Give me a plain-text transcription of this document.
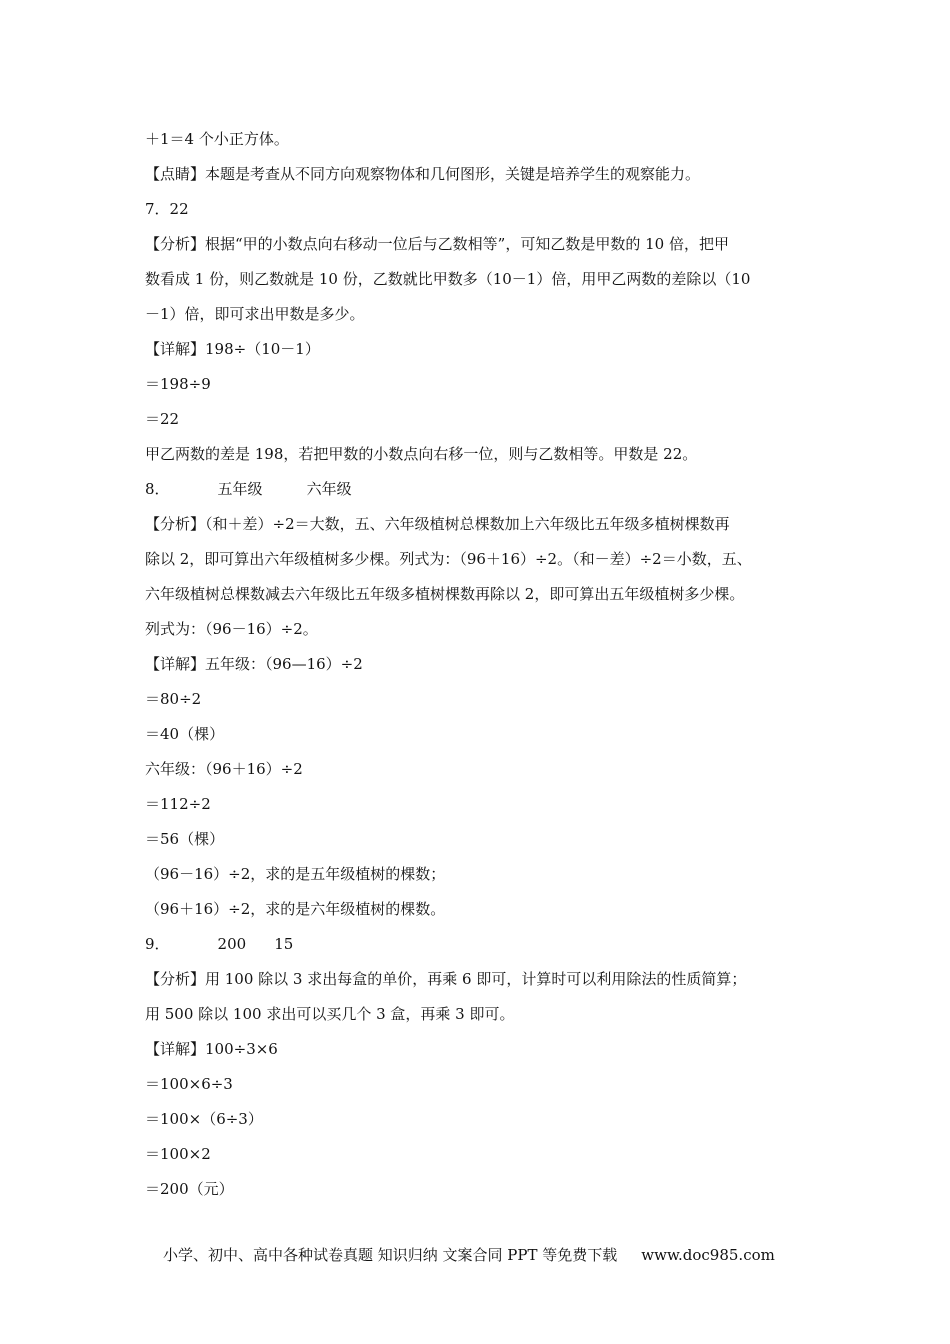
＋1＝4 个小正方体。
【点睛】本题是考查从不同方向观察物体和几何图形，关键是培养学生的观察能力。
7．22
【分析】根据“甲的小数点向右移动一位后与乙数相等”，可知乙数是甲数的 10 倍，把甲
数看成 1 份，则乙数就是 10 份，乙数就比甲数多（10－1）倍，用甲乙两数的差除以（10
－1）倍，即可求出甲数是多少。
【详解】198÷（10－1）
＝198÷9
＝22
甲乙两数的差是 198，若把甲数的小数点向右移一位，则与乙数相等。甲数是 22。
8．	五年级	六年级
【分析】（和＋差）÷2＝大数，五、六年级植树总棵数加上六年级比五年级多植树棵数再
除以 2，即可算出六年级植树多少棵。列式为：（96＋16）÷2。（和－差）÷2＝小数，五、
六年级植树总棵数减去六年级比五年级多植树棵数再除以 2，即可算出五年级植树多少棵。
列式为：（96－16）÷2。
【详解】五年级：（96—16）÷2
＝80÷2
＝40（棵）
六年级：（96＋16）÷2
＝112÷2
＝56（棵）
（96－16）÷2，求的是五年级植树的棵数；
（96＋16）÷2，求的是六年级植树的棵数。
9．	200 15
【分析】用 100 除以 3 求出每盒的单价，再乘 6 即可，计算时可以利用除法的性质简算；
用 500 除以 100 求出可以买几个 3 盒，再乘 3 即可。
【详解】100÷3×6
＝100×6÷3
＝100×（6÷3）
＝100×2
＝200（元）
小学、初中、高中各种试卷真题 知识归纳 文案合同 PPT 等免费下载 www.doc985.com
